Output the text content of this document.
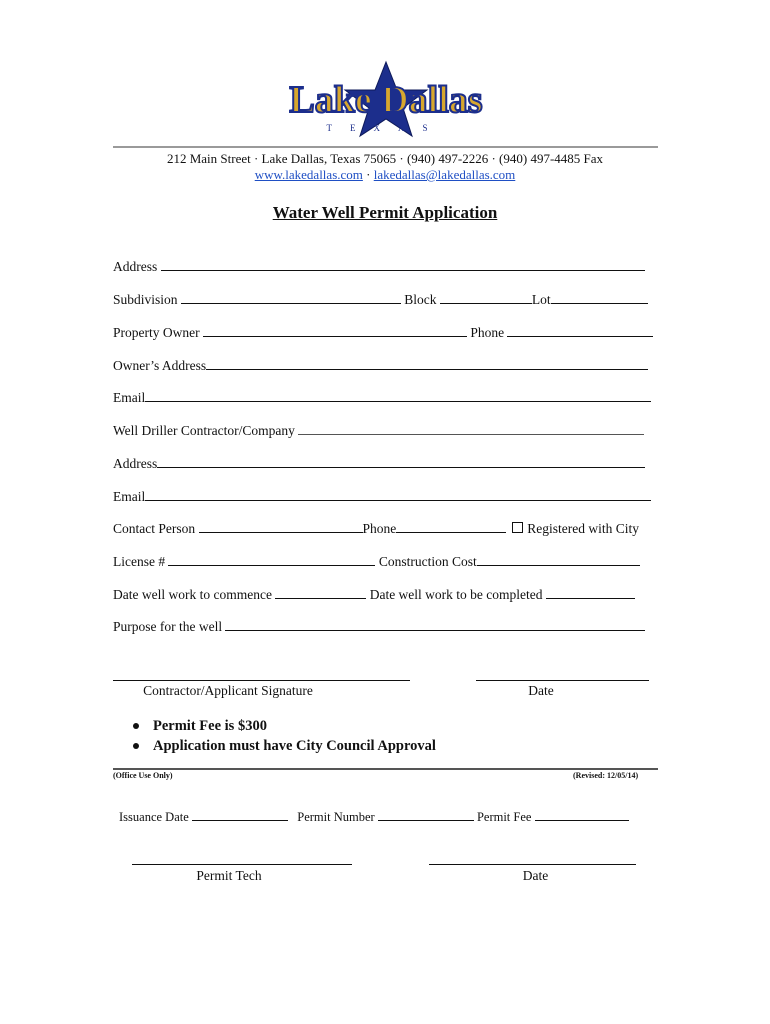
Lake Dallas
TEXAS
212 Main Street · Lake Dallas, Texas 75065 · (940) 497-2226 · (940) 497-4485 Fax
www.lakedallas.com · lakedallas@lakedallas.com
Water Well Permit Application
Address
Subdivision	Block	Lot
Property Owner	Phone
Owner’s Address
Email
Well Driller Contractor/Company
Address
Email
Contact Person	Phone	Registered with City
License #	Construction Cost
Date well work to commence	Date well work to be completed
Purpose for the well
Contractor/Applicant Signature	Date
Permit Fee is $300
Application must have City Council Approval
(Office Use Only)	(Revised: 12/05/14)
Issuance Date	Permit Number	Permit Fee
Permit Tech	Date
